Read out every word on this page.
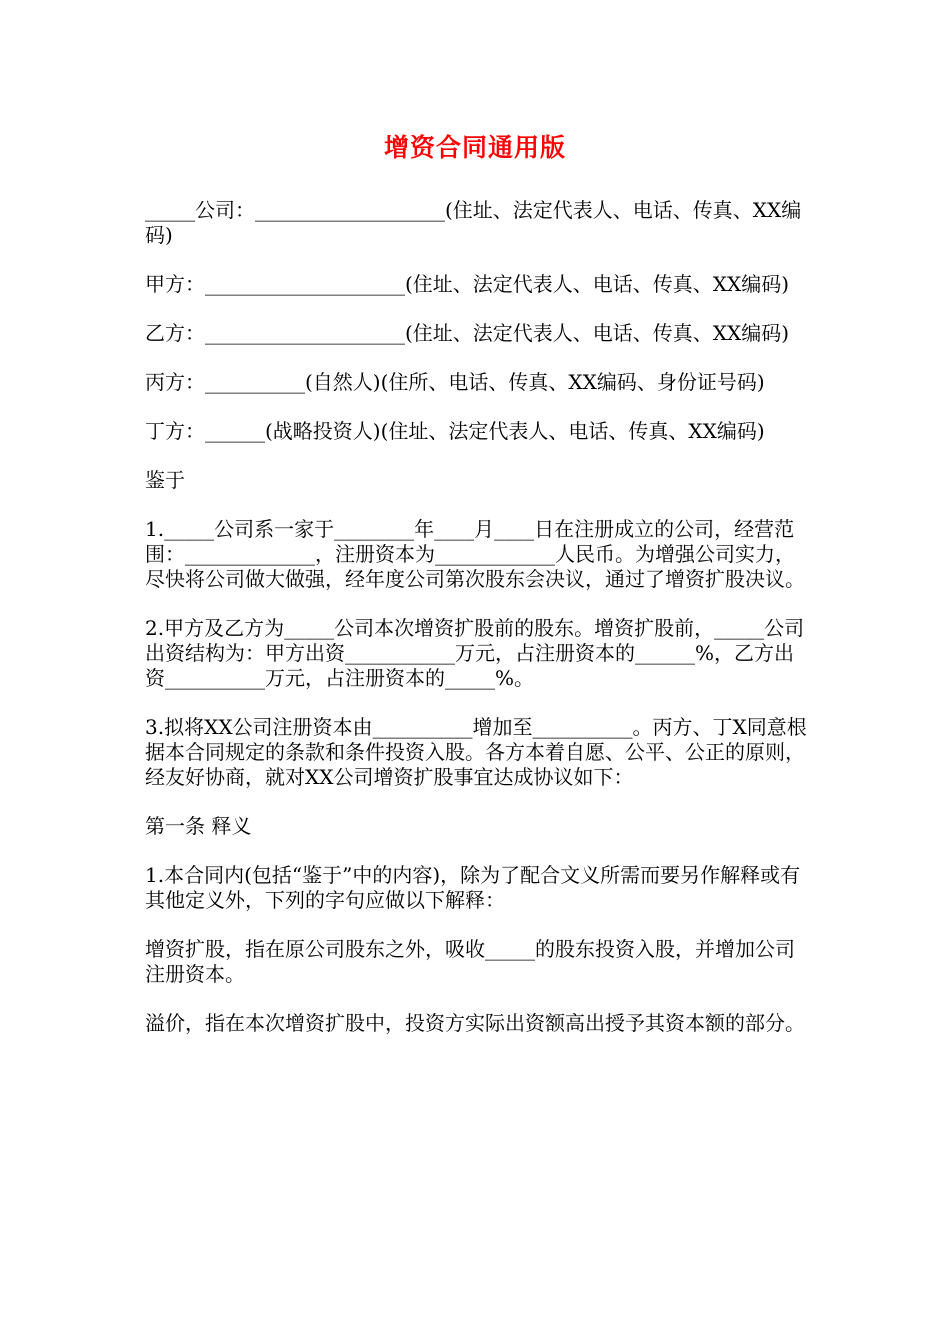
增资合同通用版

_____公司：___________________(住址、法定代表人、电话、传真、XX编码)

甲方：____________________(住址、法定代表人、电话、传真、XX编码)

乙方：____________________(住址、法定代表人、电话、传真、XX编码)

丙方：__________(自然人)(住所、电话、传真、XX编码、身份证号码)

丁方：______(战略投资人)(住址、法定代表人、电话、传真、XX编码)

鉴于

1._____公司系一家于________年____月____日在注册成立的公司，经营范围：_____________，注册资本为____________人民币。为增强公司实力，尽快将公司做大做强，经年度公司第次股东会决议，通过了增资扩股决议。

2.甲方及乙方为_____公司本次增资扩股前的股东。增资扩股前，_____公司出资结构为：甲方出资___________万元，占注册资本的______%，乙方出资__________万元，占注册资本的_____%。

3.拟将XX公司注册资本由__________增加至__________。丙方、丁X同意根据本合同规定的条款和条件投资入股。各方本着自愿、公平、公正的原则，经友好协商，就对XX公司增资扩股事宜达成协议如下：

第一条 释义

1.本合同内(包括“鉴于”中的内容)，除为了配合文义所需而要另作解释或有其他定义外，下列的字句应做以下解释：

增资扩股，指在原公司股东之外，吸收_____的股东投资入股，并增加公司注册资本。

溢价，指在本次增资扩股中，投资方实际出资额高出授予其资本额的部分。
